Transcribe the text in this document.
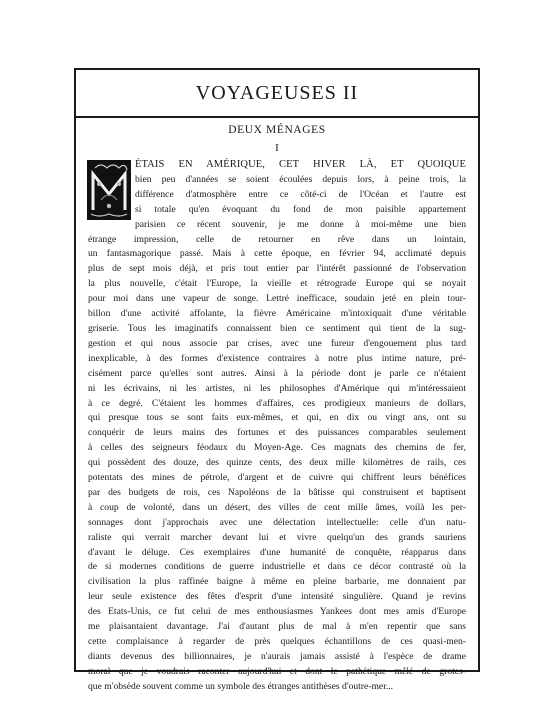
VOYAGEUSES II
DEUX MÉNAGES
I
ÉTAIS EN AMÉRIQUE, CET HIVER LÀ, ET QUOIQUE
bien peu d'années se soient écoulées depuis lors, à peine trois, la
différence d'atmosphère entre ce côté-ci de l'Océan et l'autre est
si totale qu'en évoquant du fond de mon paisible appartement
parisien ce récent souvenir, je me donne à moi-même une bien
étrange impression, celle de retourner en rêve dans un lointain,
un fantasmagorique passé. Mais à cette époque, en février 94, acclimaté depuis
plus de sept mois déjà, et pris tout entier par l'intérêt passionné de l'observation
la plus nouvelle, c'était l'Europe, la vieille et rétrograde Europe qui se noyait
pour moi dans une vapeur de songe. Lettré inefficace, soudain jeté en plein tour-
billon d'une activité affolante, la fièvre Américaine m'intoxiquait d'une véritable
griserie. Tous les imaginatifs connaissent bien ce sentiment qui tient de la sug-
gestion et qui nous associe par crises, avec une fureur d'engouement plus tard
inexplicable, à des formes d'existence contraires à notre plus intime nature, pré-
cisément parce qu'elles sont autres. Ainsi à la période dont je parle ce n'étaient
ni les écrivains, ni les artistes, ni les philosophes d'Amérique qui m'intéressaient
à ce degré. C'étaient les hommes d'affaires, ces prodigieux manieurs de dollars,
qui presque tous se sont faits eux-mêmes, et qui, en dix ou vingt ans, ont su
conquérir de leurs mains des fortunes et des puissances comparables seulement
à celles des seigneurs féodaux du Moyen-Age. Ces magnats des chemins de fer,
qui possèdent des douze, des quinze cents, des deux mille kilomètres de rails, ces
potentats des mines de pétrole, d'argent et de cuivre qui chiffrent leurs bénéfices
par des budgets de rois, ces Napoléons de la bâtisse qui construisent et baptisent
à coup de volonté, dans un désert, des villes de cent mille âmes, voilà les per-
sonnages dont j'approchais avec une délectation intellectuelle: celle d'un natu-
raliste qui verrait marcher devant lui et vivre quelqu'un des grands sauriens
d'avant le déluge. Ces exemplaires d'une humanité de conquête, réapparus dans
de si modernes conditions de guerre industrielle et dans ce décor contrasté où la
civilisation la plus raffinée baigne à même en pleine barbarie, me donnaient par
leur seule existence des fêtes d'esprit d'une intensité singulière. Quand je revins
des Etats-Unis, ce fut celui de mes enthousiasmes Yankees dont mes amis d'Europe
me plaisantaient davantage. J'ai d'autant plus de mal à m'en repentir que sans
cette complaisance à regarder de près quelques échantillons de ces quasi-men-
diants devenus des billionnaires, je n'aurais jamais assisté à l'espèce de drame
moral que je voudrais raconter aujourd'hui et dont le pathétique mêlé de grotes-
que m'obsède souvent comme un symbole des étranges antithèses d'outre-mer...
